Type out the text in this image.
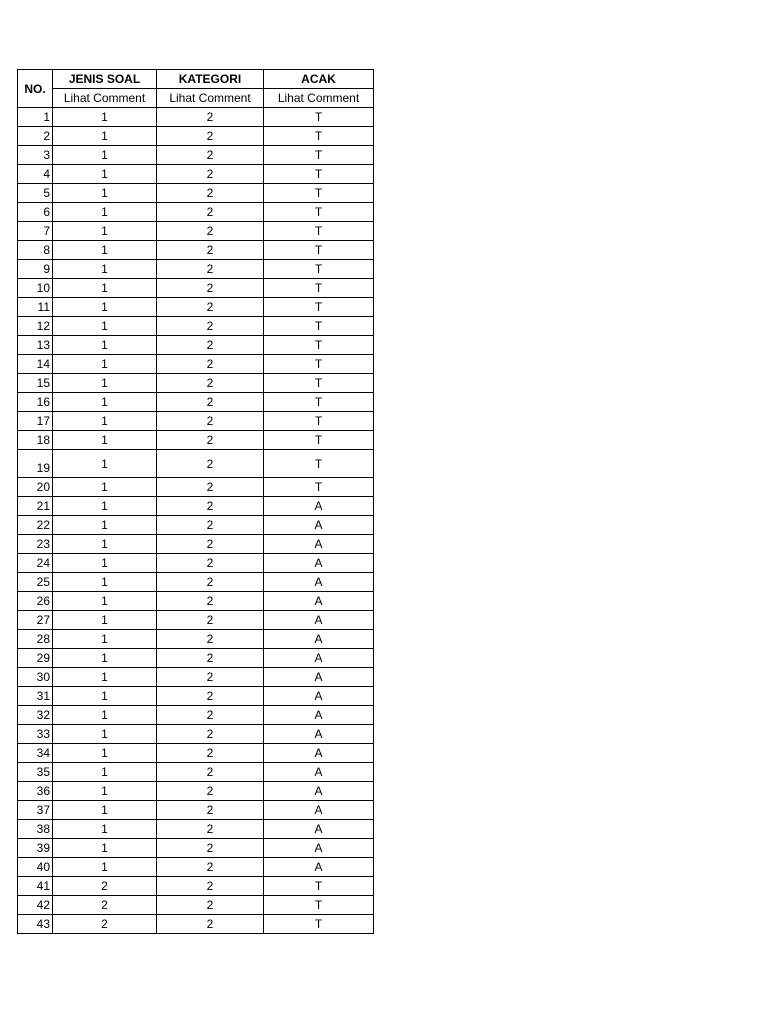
NO.	JENIS SOAL	KATEGORI	ACAK
	Lihat Comment	Lihat Comment	Lihat Comment
1	1	2	T
2	1	2	T
3	1	2	T
4	1	2	T
5	1	2	T
6	1	2	T
7	1	2	T
8	1	2	T
9	1	2	T
10	1	2	T
11	1	2	T
12	1	2	T
13	1	2	T
14	1	2	T
15	1	2	T
16	1	2	T
17	1	2	T
18	1	2	T
19	1	2	T
20	1	2	T
21	1	2	A
22	1	2	A
23	1	2	A
24	1	2	A
25	1	2	A
26	1	2	A
27	1	2	A
28	1	2	A
29	1	2	A
30	1	2	A
31	1	2	A
32	1	2	A
33	1	2	A
34	1	2	A
35	1	2	A
36	1	2	A
37	1	2	A
38	1	2	A
39	1	2	A
40	1	2	A
41	2	2	T
42	2	2	T
43	2	2	T
